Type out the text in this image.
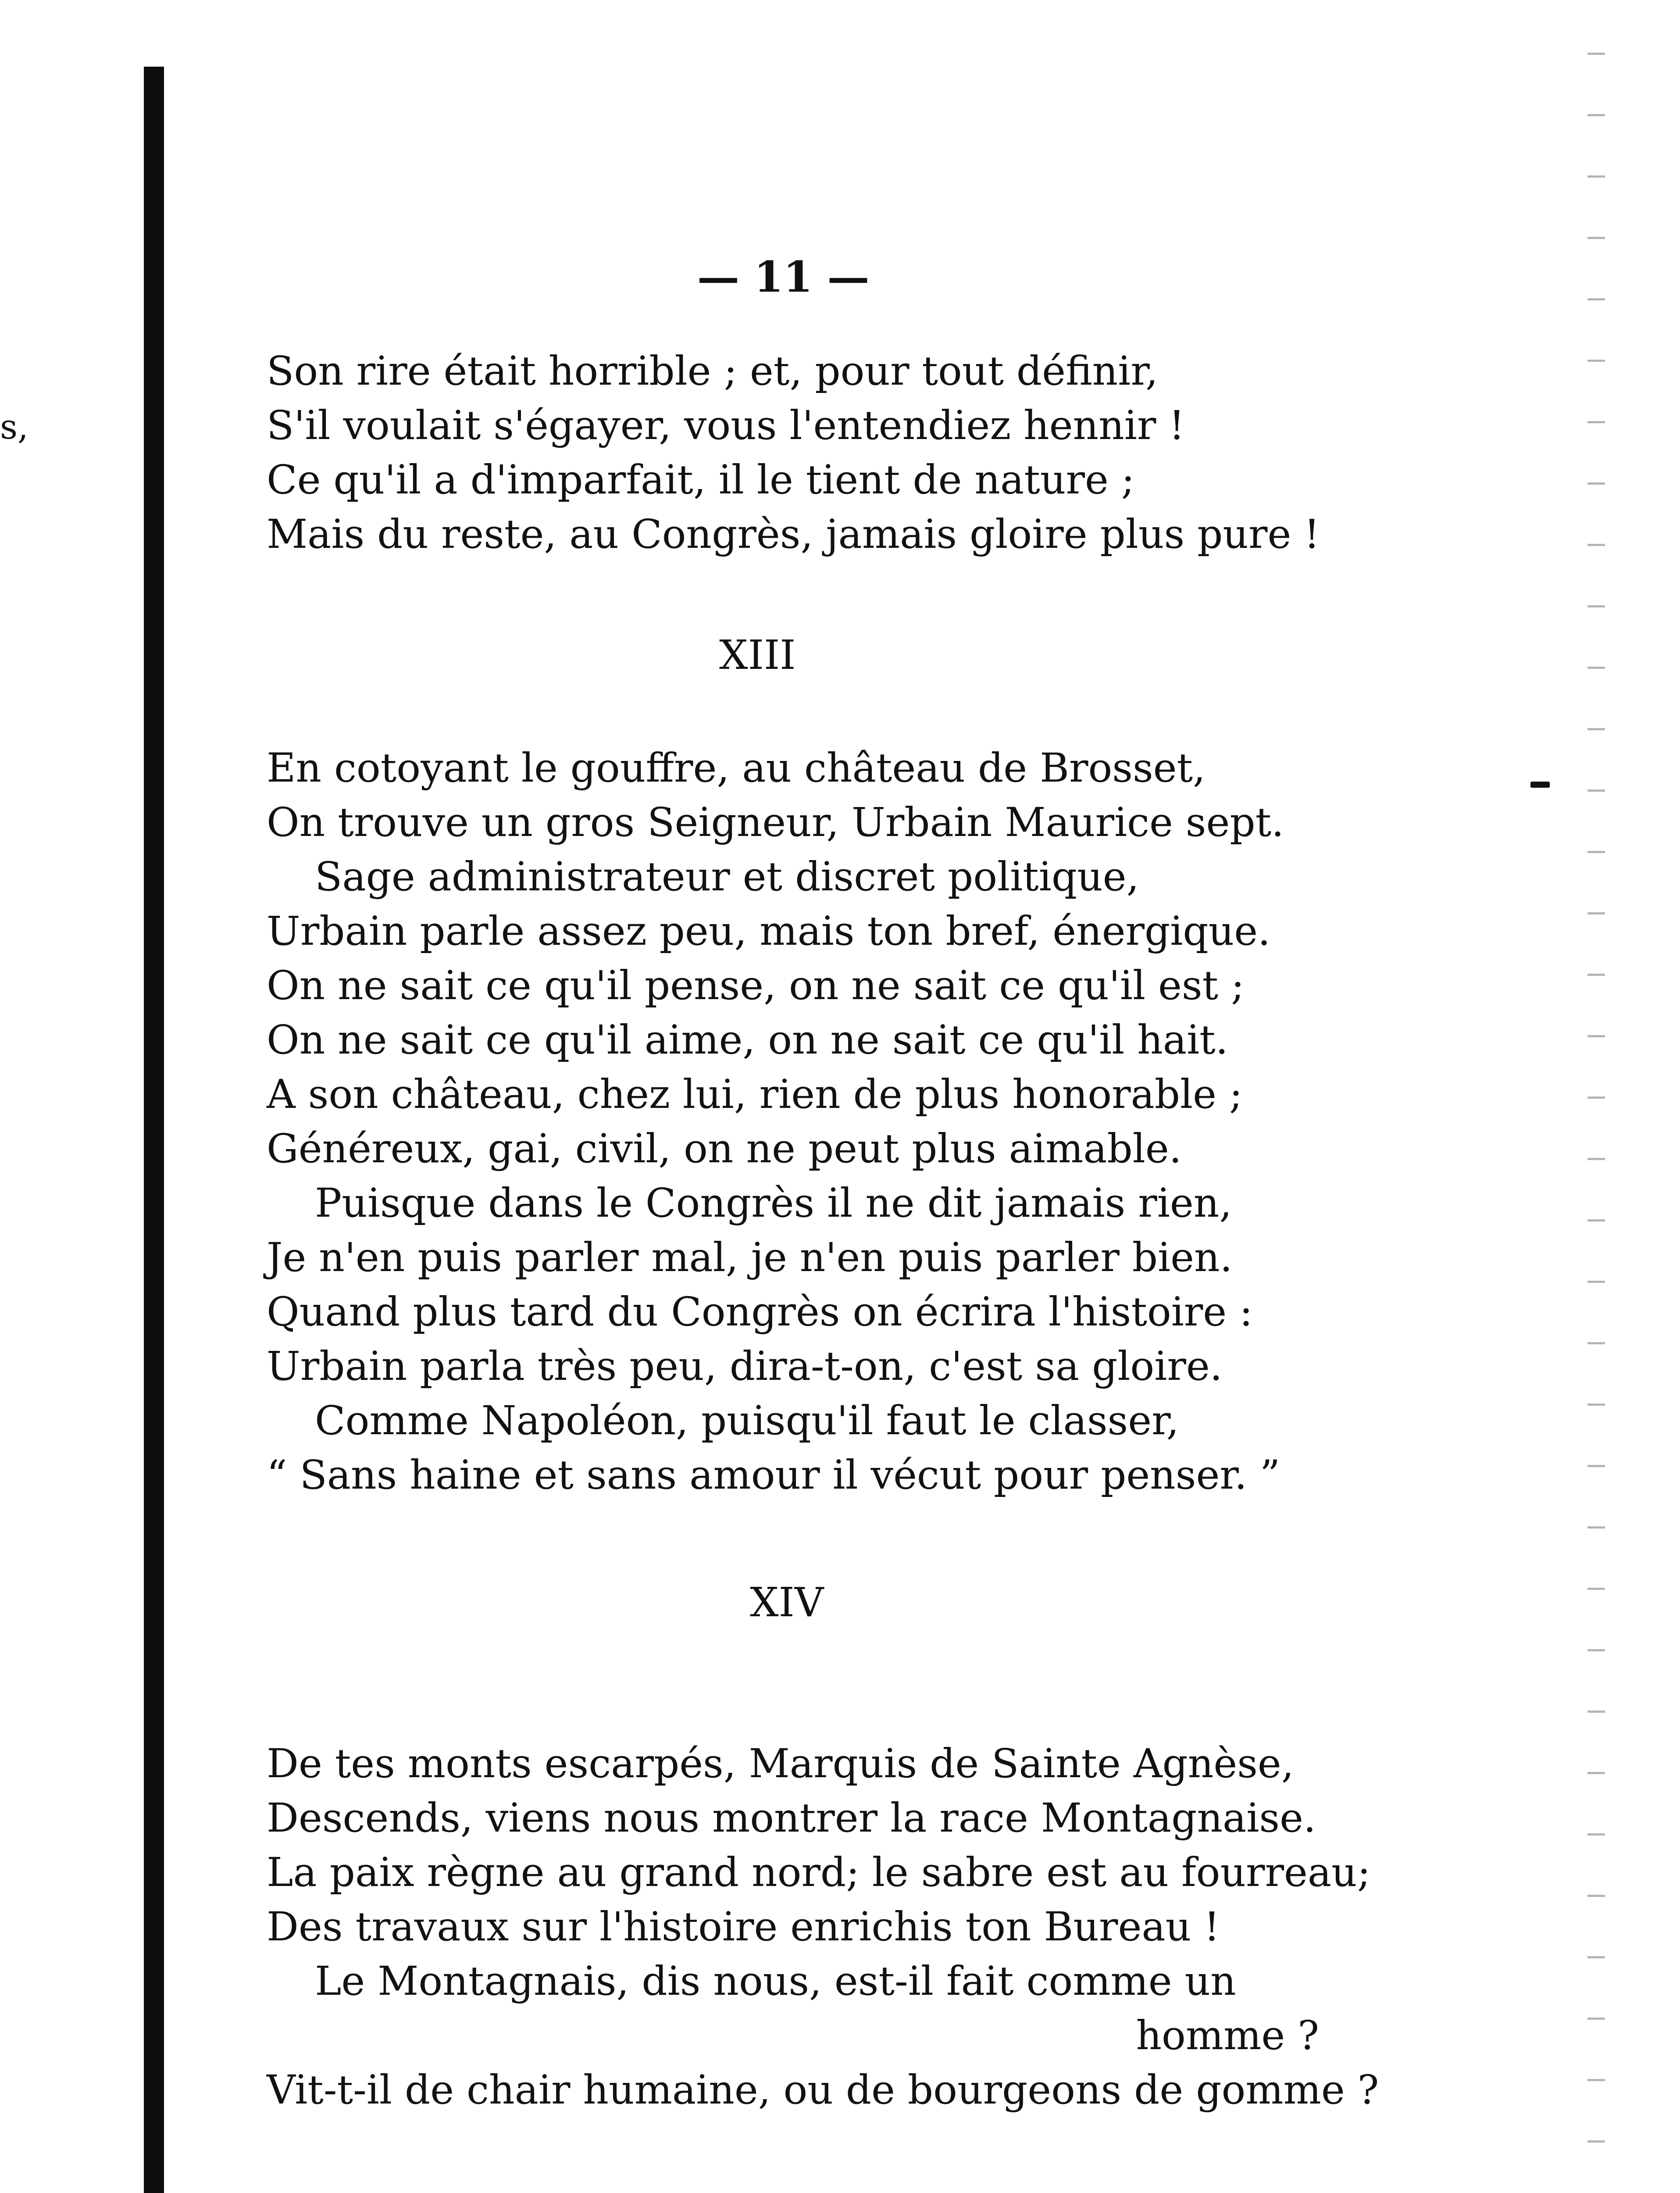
s,
— 11 —
Son rire était horrible ; et, pour tout définir,
S'il voulait s'égayer, vous l'entendiez hennir !
Ce qu'il a d'imparfait, il le tient de nature ;
Mais du reste, au Congrès, jamais gloire plus pure !
XIII
En cotoyant le gouffre, au château de Brosset,
On trouve un gros Seigneur, Urbain Maurice sept.
Sage administrateur et discret politique,
Urbain parle assez peu, mais ton bref, énergique.
On ne sait ce qu'il pense, on ne sait ce qu'il est ;
On ne sait ce qu'il aime, on ne sait ce qu'il hait.
A son château, chez lui, rien de plus honorable ;
Généreux, gai, civil, on ne peut plus aimable.
Puisque dans le Congrès il ne dit jamais rien,
Je n'en puis parler mal, je n'en puis parler bien.
Quand plus tard du Congrès on écrira l'histoire :
Urbain parla très peu, dira-t-on, c'est sa gloire.
Comme Napoléon, puisqu'il faut le classer,
“ Sans haine et sans amour il vécut pour penser. ”
XIV
De tes monts escarpés, Marquis de Sainte Agnèse,
Descends, viens nous montrer la race Montagnaise.
La paix règne au grand nord; le sabre est au fourreau;
Des travaux sur l'histoire enrichis ton Bureau !
Le Montagnais, dis nous, est-il fait comme un
homme ?
Vit-t-il de chair humaine, ou de bourgeons de gomme ?
